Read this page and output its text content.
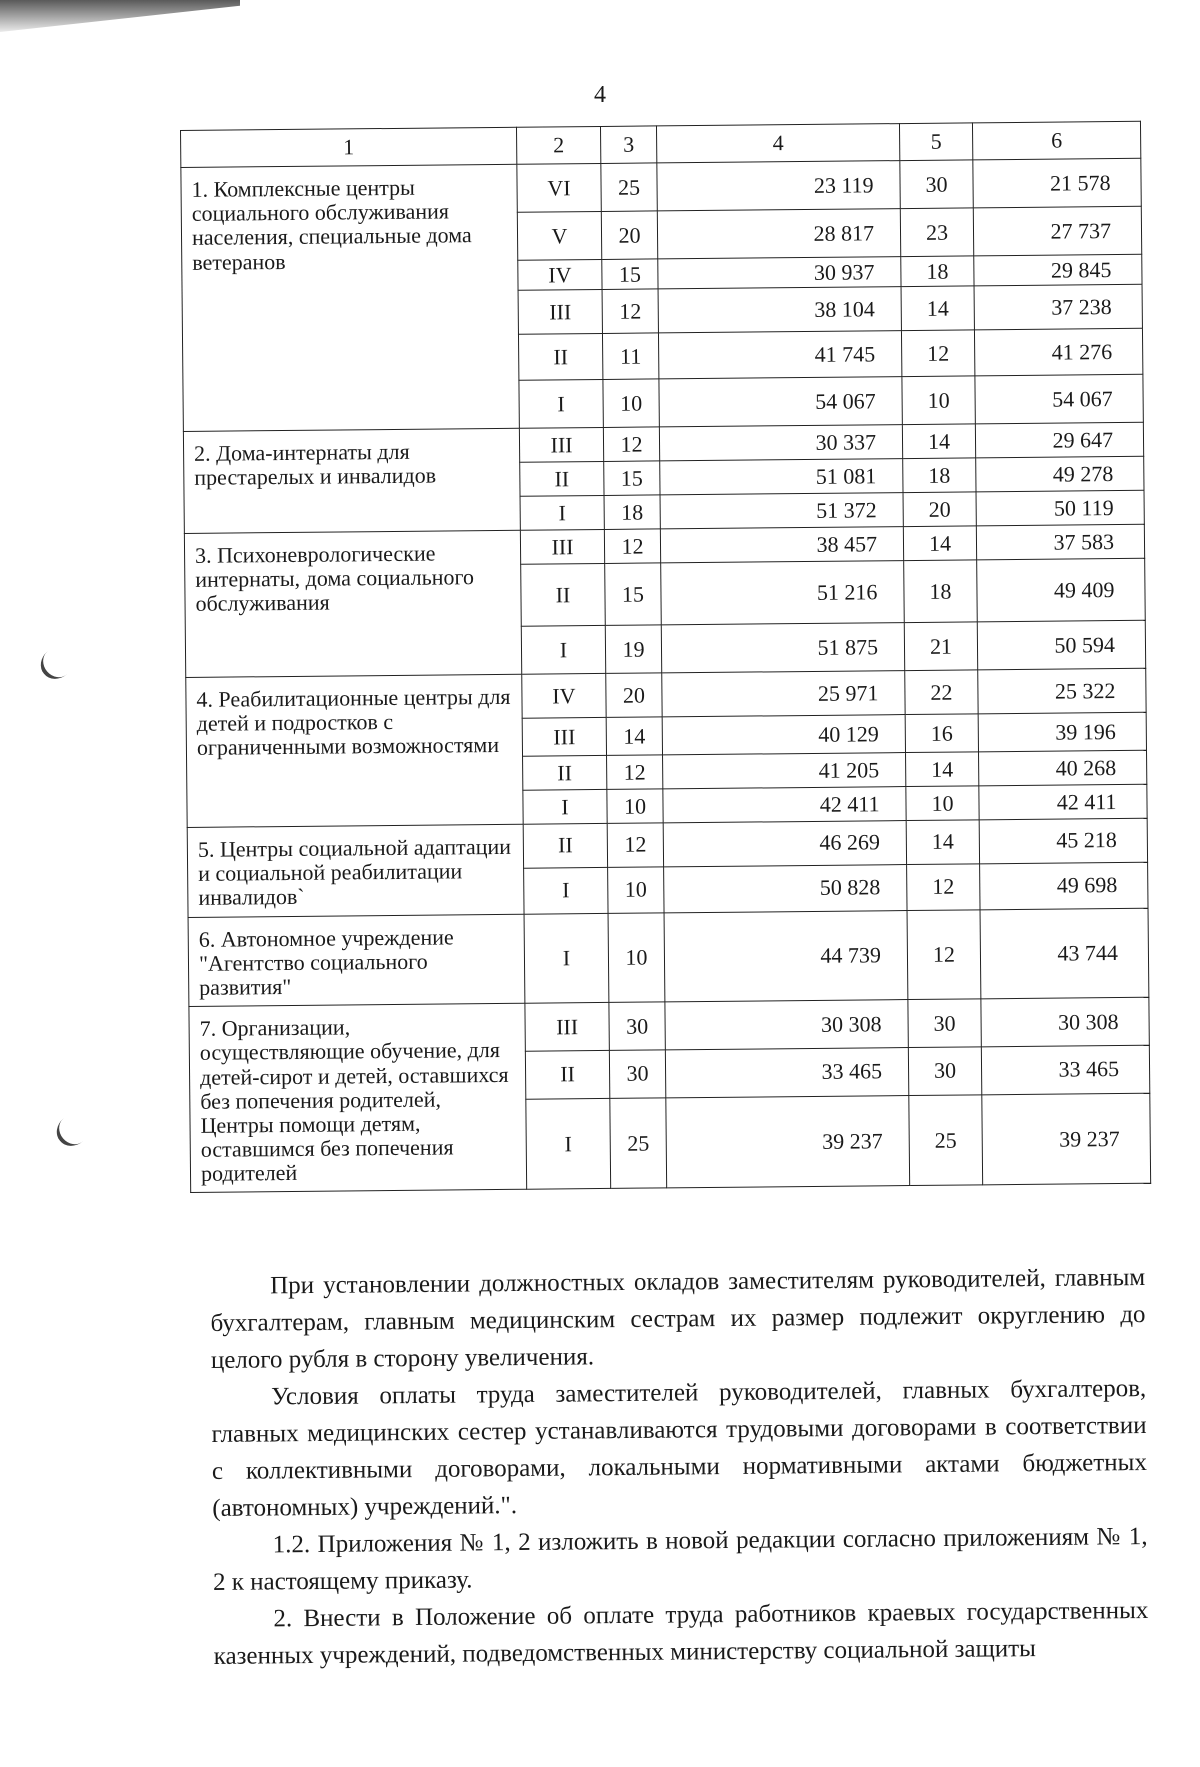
4
1	2	3	4	5	6
1. Комплексные центры социального обслуживания населения, специальные дома ветеранов	VI	25	23 119	30	21 578
	V	20	28 817	23	27 737
	IV	15	30 937	18	29 845
	III	12	38 104	14	37 238
	II	11	41 745	12	41 276
	I	10	54 067	10	54 067
2. Дома-интернаты для престарелых и инвалидов	III	12	30 337	14	29 647
	II	15	51 081	18	49 278
	I	18	51 372	20	50 119
3. Психоневрологические интернаты, дома социального обслуживания	III	12	38 457	14	37 583
	II	15	51 216	18	49 409
	I	19	51 875	21	50 594
4. Реабилитационные центры для детей и подростков с ограниченными возможностями	IV	20	25 971	22	25 322
	III	14	40 129	16	39 196
	II	12	41 205	14	40 268
	I	10	42 411	10	42 411
5. Центры социальной адаптации и социальной реабилитации инвалидов`	II	12	46 269	14	45 218
	I	10	50 828	12	49 698
6. Автономное учреждение "Агентство социального развития"	I	10	44 739	12	43 744
7. Организации, осуществляющие обучение, для детей-сирот и детей, оставшихся без попечения родителей, Центры помощи детям, оставшимся без попечения родителей	III	30	30 308	30	30 308
	II	30	33 465	30	33 465
	I	25	39 237	25	39 237

При установлении должностных окладов заместителям руководителей, главным бухгалтерам, главным медицинским сестрам их размер подлежит округлению до целого рубля в сторону увеличения.

Условия оплаты труда заместителей руководителей, главных бухгалтеров, главных медицинских сестер устанавливаются трудовыми договорами в соответствии с коллективными договорами, локальными нормативными актами бюджетных (автономных) учреждений.".

1.2. Приложения № 1, 2 изложить в новой редакции согласно приложениям № 1, 2 к настоящему приказу.

2. Внести в Положение об оплате труда работников краевых государственных казенных учреждений, подведомственных министерству социальной защиты
